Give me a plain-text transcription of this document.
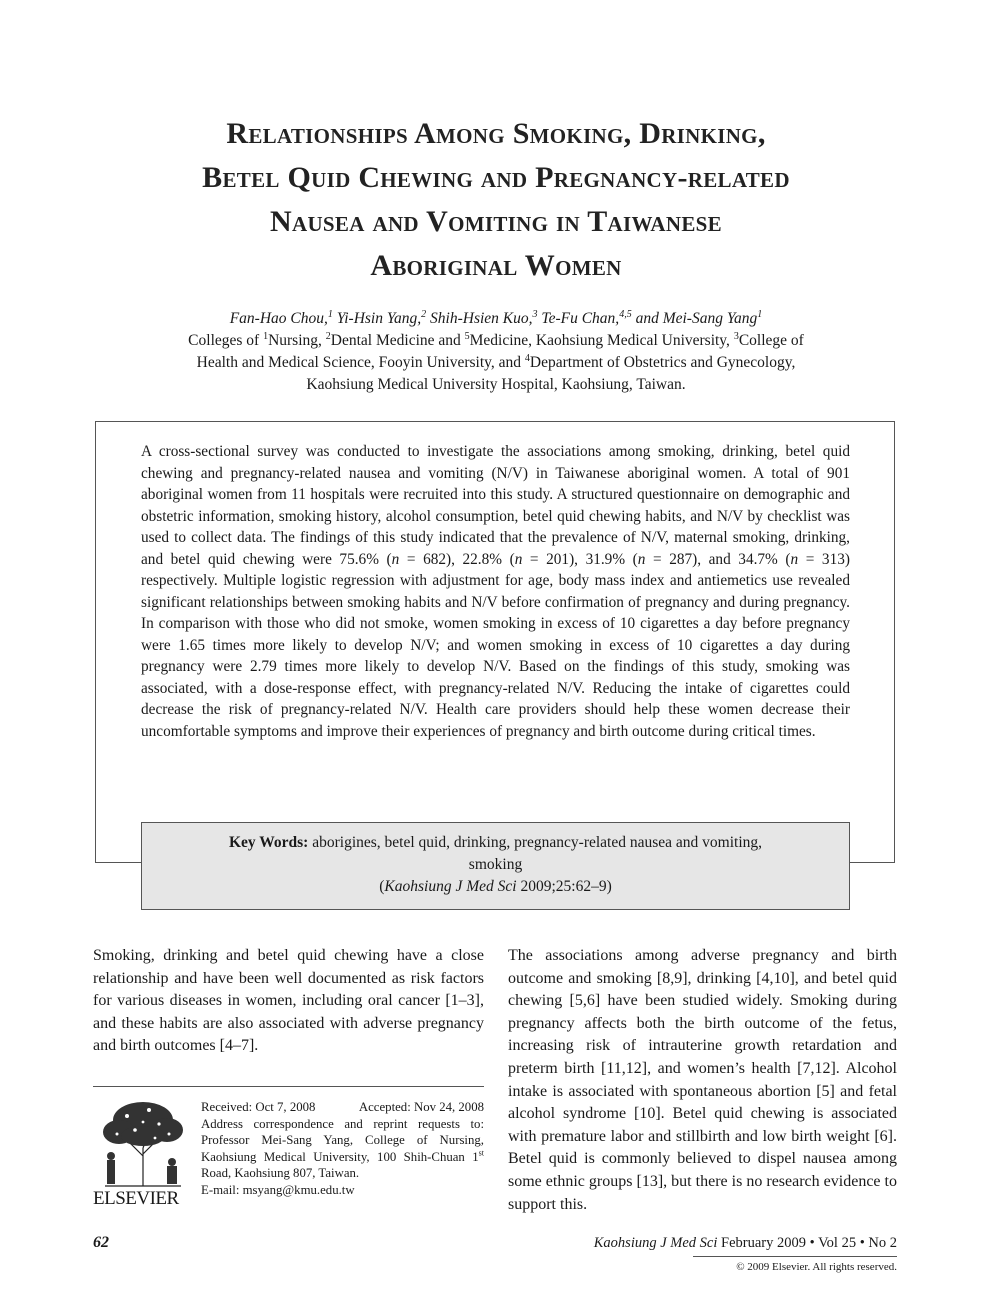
Relationships Among Smoking, Drinking,
Betel Quid Chewing and Pregnancy-related
Nausea and Vomiting in Taiwanese
Aboriginal Women
Fan-Hao Chou,$^1$ Yi-Hsin Yang,$^2$ Shih-Hsien Kuo,$^3$ Te-Fu Chan,$^{4,5}$ and Mei-Sang Yang$^1$
Colleges of $^1$Nursing, $^2$Dental Medicine and $^5$Medicine, Kaohsiung Medical University, $^3$College of
Health and Medical Science, Fooyin University, and $^4$Department of Obstetrics and Gynecology,
Kaohsiung Medical University Hospital, Kaohsiung, Taiwan.

A cross-sectional survey was conducted to investigate the associations among smoking, drinking, betel quid chewing and pregnancy-related nausea and vomiting (N/V) in Taiwanese aboriginal women. A total of 901 aboriginal women from 11 hospitals were recruited into this study. A structured questionnaire on demographic and obstetric information, smoking history, alcohol consumption, betel quid chewing habits, and N/V by checklist was used to collect data. The findings of this study indicated that the prevalence of N/V, maternal smoking, drinking, and betel quid chewing were 75.6% (n = 682), 22.8% (n = 201), 31.9% (n = 287), and 34.7% (n = 313) respectively. Multiple logistic regression with adjustment for age, body mass index and antiemetics use revealed significant relationships between smoking habits and N/V before confirmation of pregnancy and during pregnancy. In comparison with those who did not smoke, women smoking in excess of 10 cigarettes a day before pregnancy were 1.65 times more likely to develop N/V; and women smoking in excess of 10 cigarettes a day during pregnancy were 2.79 times more likely to develop N/V. Based on the findings of this study, smoking was associated, with a dose-response effect, with pregnancy-related N/V. Reducing the intake of cigarettes could decrease the risk of pregnancy-related N/V. Health care providers should help these women decrease their uncomfortable symptoms and improve their experiences of pregnancy and birth outcome during critical times.

Key Words: aborigines, betel quid, drinking, pregnancy-related nausea and vomiting, smoking
(Kaohsiung J Med Sci 2009;25:62–9)

Smoking, drinking and betel quid chewing have a close relationship and have been well documented as risk factors for various diseases in women, including oral cancer [1–3], and these habits are also associated with adverse pregnancy and birth outcomes [4–7].

The associations among adverse pregnancy and birth outcome and smoking [8,9], drinking [4,10], and betel quid chewing [5,6] have been studied widely. Smoking during pregnancy affects both the birth outcome of the fetus, increasing risk of intrauterine growth retardation and preterm birth [11,12], and women’s health [7,12]. Alcohol intake is associated with spontaneous abortion [5] and fetal alcohol syndrome [10]. Betel quid chewing is associated with premature labor and stillbirth and low birth weight [6]. Betel quid is commonly believed to dispel nausea among some ethnic groups [13], but there is no research evidence to support this.

ELSEVIER
Received: Oct 7, 2008	Accepted: Nov 24, 2008
Address correspondence and reprint requests to: Professor Mei-Sang Yang, College of Nursing, Kaohsiung Medical University, 100 Shih-Chuan 1st Road, Kaohsiung 807, Taiwan.
E-mail: msyang@kmu.edu.tw
62	Kaohsiung J Med Sci February 2009 • Vol 25 • No 2
© 2009 Elsevier. All rights reserved.
